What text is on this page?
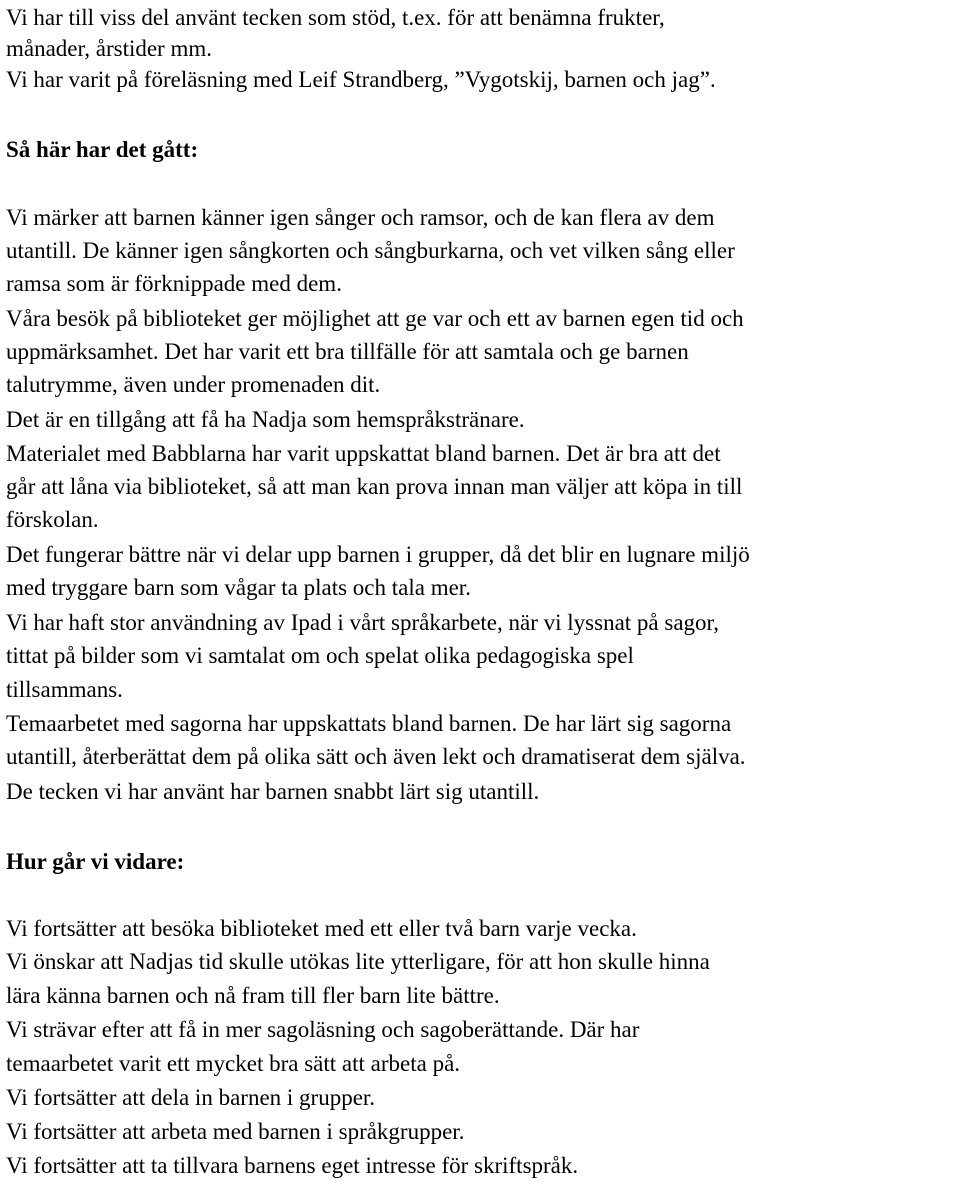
Vi har till viss del använt tecken som stöd, t.ex. för att benämna frukter,
månader, årstider mm.
Vi har varit på föreläsning med Leif Strandberg, ”Vygotskij, barnen och jag”.
Så här har det gått:
Vi märker att barnen känner igen sånger och ramsor, och de kan flera av dem
utantill. De känner igen sångkorten och sångburkarna, och vet vilken sång eller
ramsa som är förknippade med dem.
Våra besök på biblioteket ger möjlighet att ge var och ett av barnen egen tid och
uppmärksamhet. Det har varit ett bra tillfälle för att samtala och ge barnen
talutrymme, även under promenaden dit.
Det är en tillgång att få ha Nadja som hemspråkstränare.
Materialet med Babblarna har varit uppskattat bland barnen. Det är bra att det
går att låna via biblioteket, så att man kan prova innan man väljer att köpa in till
förskolan.
Det fungerar bättre när vi delar upp barnen i grupper, då det blir en lugnare miljö
med tryggare barn som vågar ta plats och tala mer.
Vi har haft stor användning av Ipad i vårt språkarbete, när vi lyssnat på sagor,
tittat på bilder som vi samtalat om och spelat olika pedagogiska spel
tillsammans.
Temaarbetet med sagorna har uppskattats bland barnen. De har lärt sig sagorna
utantill, återberättat dem på olika sätt och även lekt och dramatiserat dem själva.
De tecken vi har använt har barnen snabbt lärt sig utantill.
Hur går vi vidare:
Vi fortsätter att besöka biblioteket med ett eller två barn varje vecka.
Vi önskar att Nadjas tid skulle utökas lite ytterligare, för att hon skulle hinna
lära känna barnen och nå fram till fler barn lite bättre.
Vi strävar efter att få in mer sagoläsning och sagoberättande. Där har
temaarbetet varit ett mycket bra sätt att arbeta på.
Vi fortsätter att dela in barnen i grupper.
Vi fortsätter att arbeta med barnen i språkgrupper.
Vi fortsätter att ta tillvara barnens eget intresse för skriftspråk.
